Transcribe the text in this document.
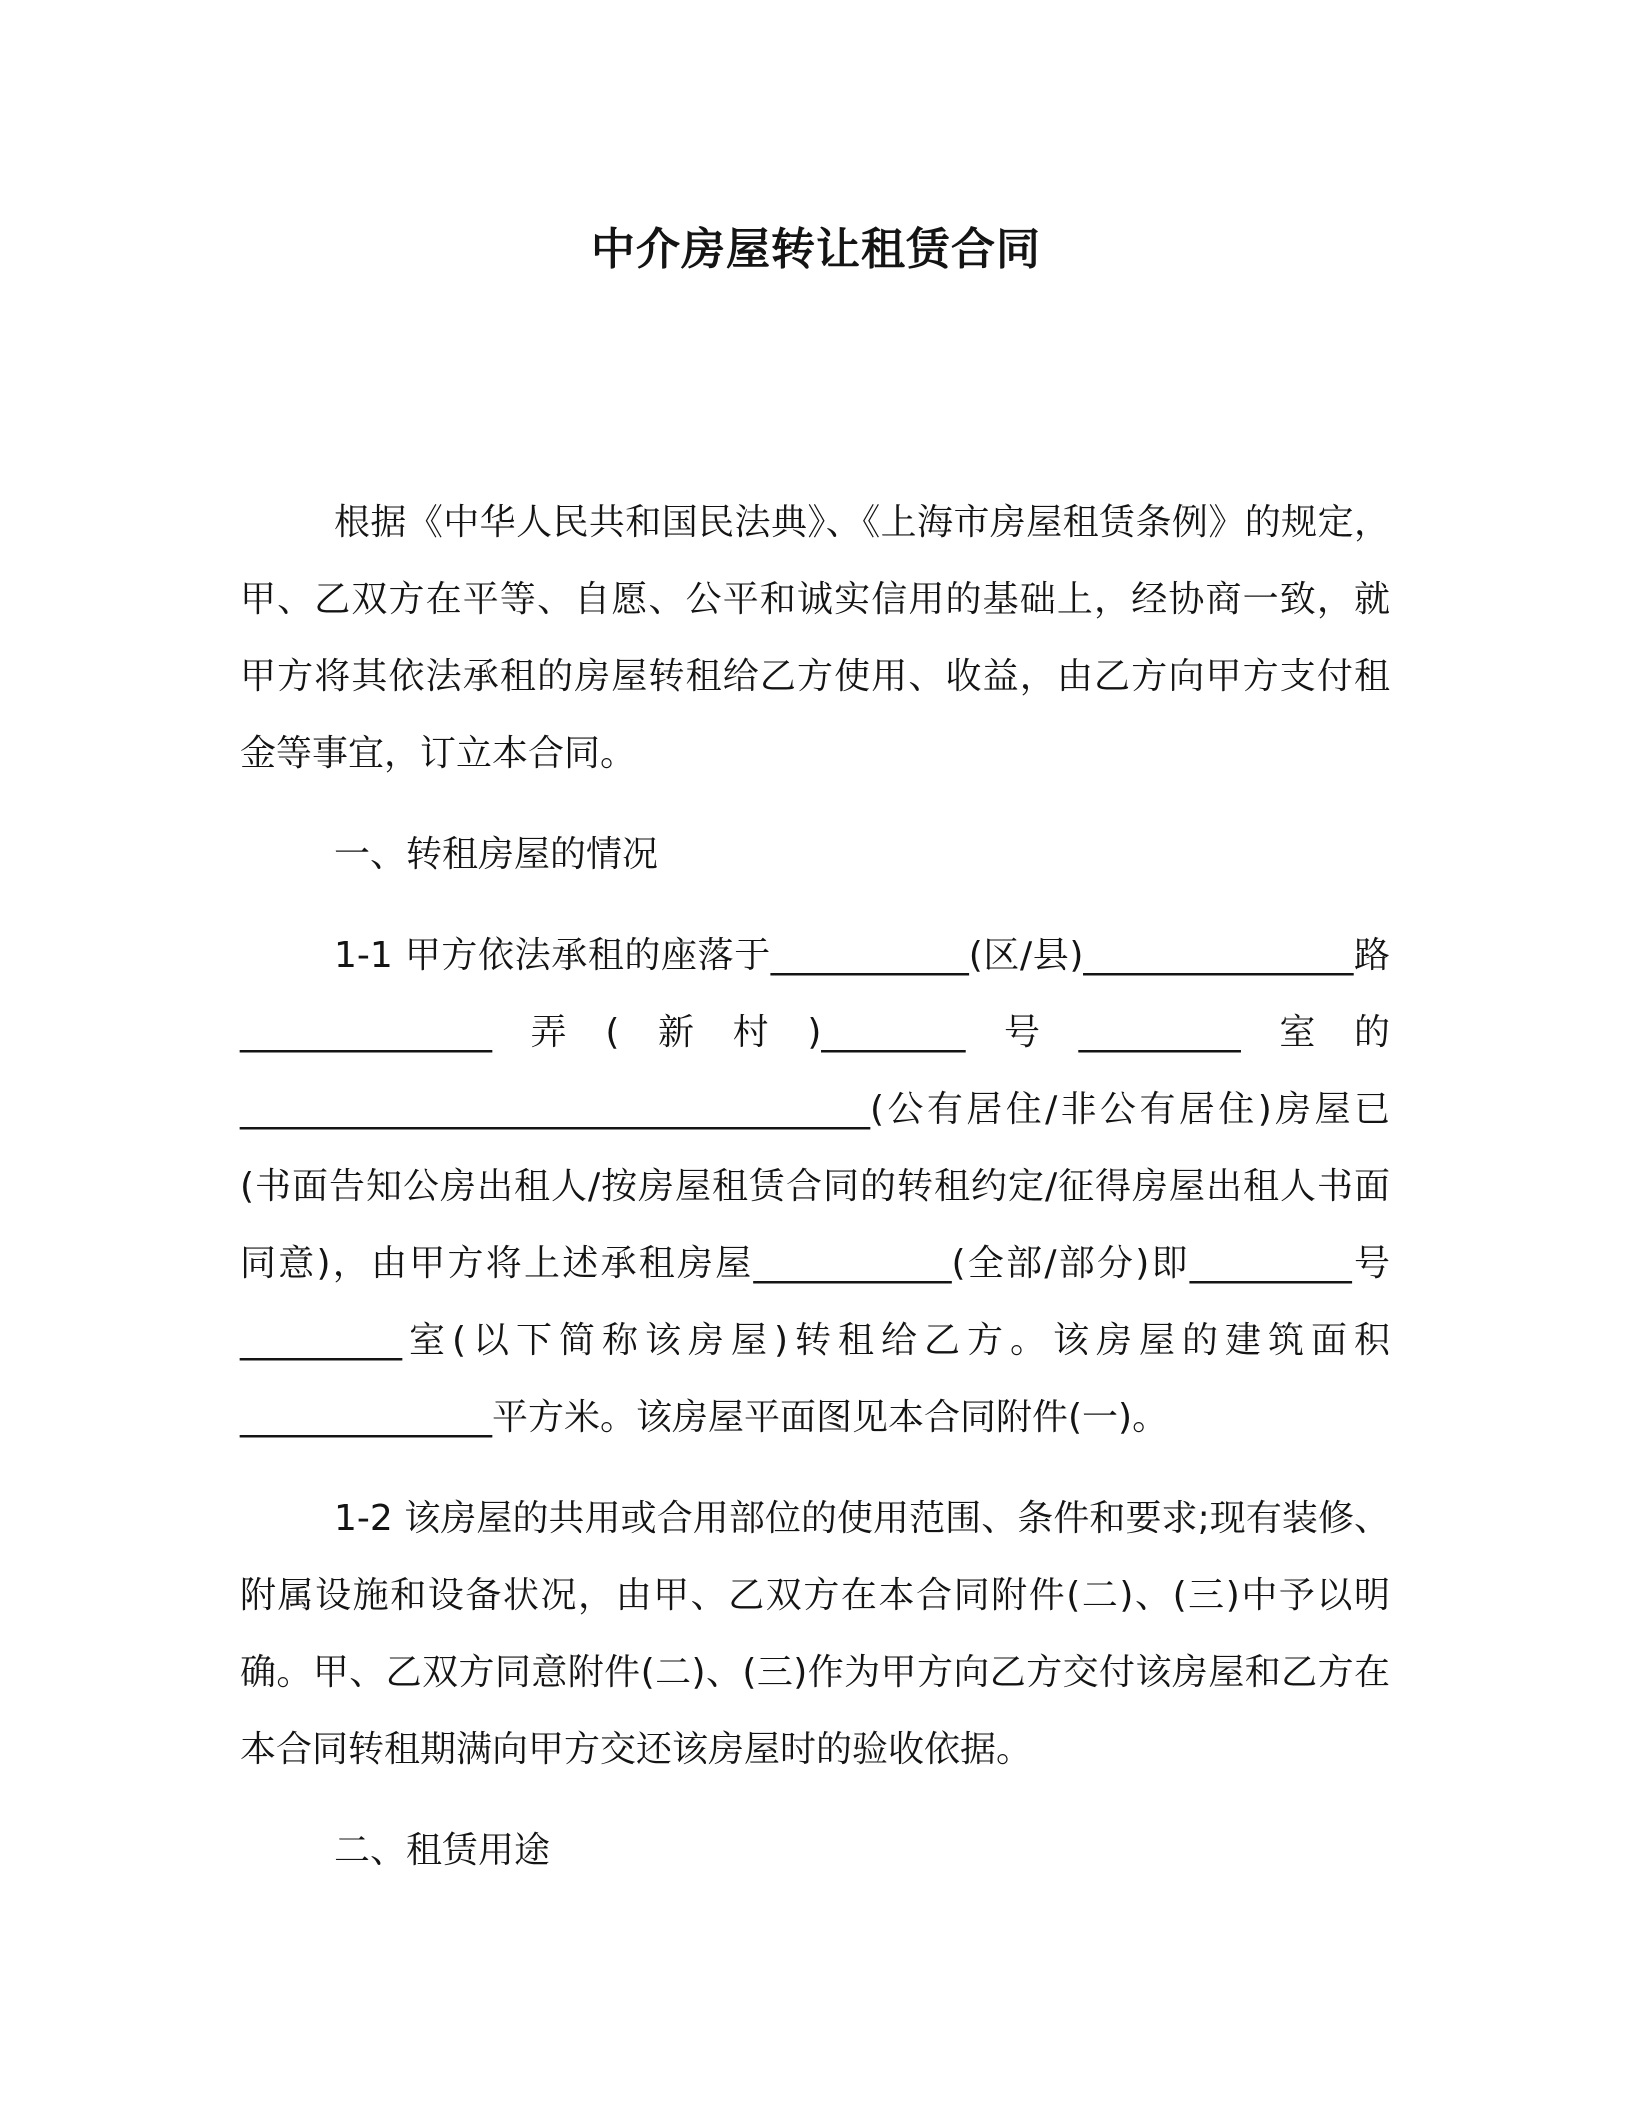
中介房屋转让租赁合同

根据《中华人民共和国民法典》、《上海市房屋租赁条例》的规定，甲、乙双方在平等、自愿、公平和诚实信用的基础上，经协商一致，就甲方将其依法承租的房屋转租给乙方使用、收益，由乙方向甲方支付租金等事宜，订立本合同。

一、转租房屋的情况

1-1 甲方依法承租的座落于___________(区/县)_______________路______________弄(新村)________号_________室的___________________________________(公有居住/非公有居住)房屋已(书面告知公房出租人/按房屋租赁合同的转租约定/征得房屋出租人书面同意)，由甲方将上述承租房屋___________(全部/部分)即_________号_________室(以下简称该房屋)转租给乙方。该房屋的建筑面积______________平方米。该房屋平面图见本合同附件(一)。

1-2 该房屋的共用或合用部位的使用范围、条件和要求;现有装修、附属设施和设备状况，由甲、乙双方在本合同附件(二)、(三)中予以明确。甲、乙双方同意附件(二)、(三)作为甲方向乙方交付该房屋和乙方在本合同转租期满向甲方交还该房屋时的验收依据。

二、租赁用途
